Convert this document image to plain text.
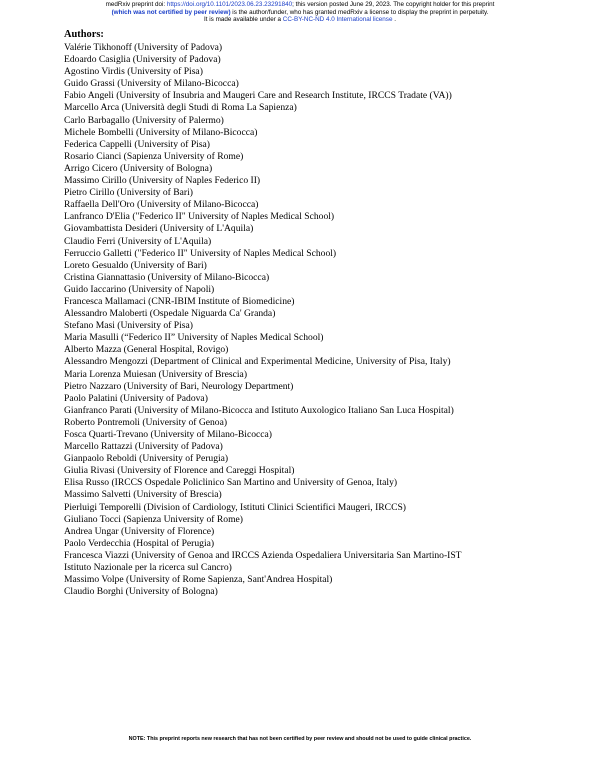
medRxiv preprint doi: https://doi.org/10.1101/2023.06.23.23291840; this version posted June 29, 2023. The copyright holder for this preprint
(which was not certified by peer review) is the author/funder, who has granted medRxiv a license to display the preprint in perpetuity.
It is made available under a CC-BY-NC-ND 4.0 International license .
Authors:
Valérie Tikhonoff (University of Padova)
Edoardo Casiglia (University of Padova)
Agostino Virdis (University of Pisa)
Guido Grassi (University of Milano-Bicocca)
Fabio Angeli (University of Insubria and Maugeri Care and Research Institute, IRCCS Tradate (VA))
Marcello Arca (Università degli Studi di Roma La Sapienza)
Carlo Barbagallo (University of Palermo)
Michele Bombelli (University of Milano-Bicocca)
Federica Cappelli (University of Pisa)
Rosario Cianci (Sapienza University of Rome)
Arrigo Cicero (University of Bologna)
Massimo Cirillo (University of Naples Federico II)
Pietro Cirillo (University of Bari)
Raffaella Dell'Oro (University of Milano-Bicocca)
Lanfranco D'Elia ("Federico II" University of Naples Medical School)
Giovambattista Desideri (University of L'Aquila)
Claudio Ferri (University of L'Aquila)
Ferruccio Galletti ("Federico II" University of Naples Medical School)
Loreto Gesualdo (University of Bari)
Cristina Giannattasio (University of Milano-Bicocca)
Guido Iaccarino (University of Napoli)
Francesca Mallamaci (CNR-IBIM Institute of Biomedicine)
Alessandro Maloberti (Ospedale Niguarda Ca' Granda)
Stefano Masi (University of Pisa)
Maria Masulli (“Federico II” University of Naples Medical School)
Alberto Mazza (General Hospital, Rovigo)
Alessandro Mengozzi (Department of Clinical and Experimental Medicine, University of Pisa, Italy)
Maria Lorenza Muiesan (University of Brescia)
Pietro Nazzaro (University of Bari, Neurology Department)
Paolo Palatini (University of Padova)
Gianfranco Parati (University of Milano-Bicocca and Istituto Auxologico Italiano San Luca Hospital)
Roberto Pontremoli (University of Genoa)
Fosca Quarti-Trevano (University of Milano-Bicocca)
Marcello Rattazzi (University of Padova)
Gianpaolo Reboldi (University of Perugia)
Giulia Rivasi (University of Florence and Careggi Hospital)
Elisa Russo (IRCCS Ospedale Policlinico San Martino and University of Genoa, Italy)
Massimo Salvetti (University of Brescia)
Pierluigi Temporelli (Division of Cardiology, Istituti Clinici Scientifici Maugeri, IRCCS)
Giuliano Tocci (Sapienza University of Rome)
Andrea Ungar (University of Florence)
Paolo Verdecchia (Hospital of Perugia)
Francesca Viazzi (University of Genoa and IRCCS Azienda Ospedaliera Universitaria San Martino-IST
Istituto Nazionale per la ricerca sul Cancro)
Massimo Volpe (University of Rome Sapienza, Sant'Andrea Hospital)
Claudio Borghi (University of Bologna)
NOTE: This preprint reports new research that has not been certified by peer review and should not be used to guide clinical practice.
